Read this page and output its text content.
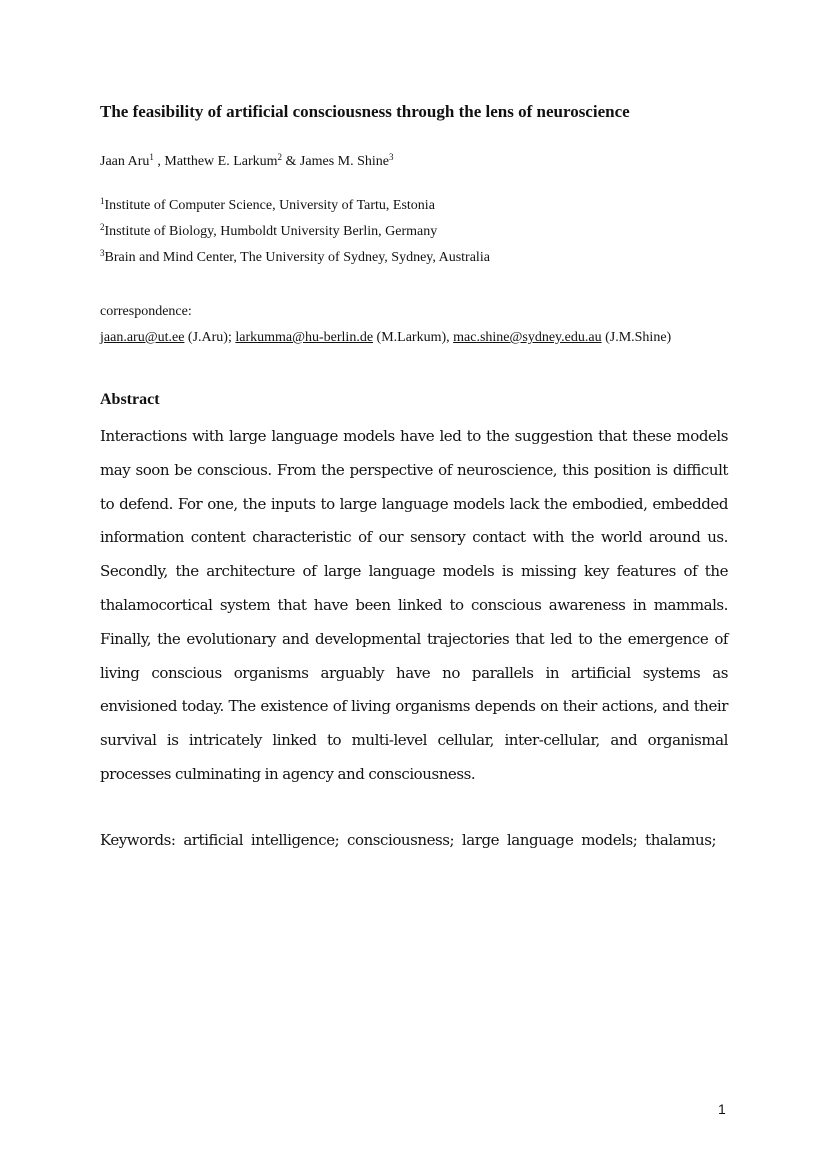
The feasibility of artificial consciousness through the lens of neuroscience
Jaan Aru$^1$ , Matthew E. Larkum$^2$ & James M. Shine$^3$
$^1$Institute of Computer Science, University of Tartu, Estonia
$^2$Institute of Biology, Humboldt University Berlin, Germany
$^3$Brain and Mind Center, The University of Sydney, Sydney, Australia
correspondence:
jaan.aru@ut.ee (J.Aru); larkumma@hu-berlin.de (M.Larkum), mac.shine@sydney.edu.au (J.M.Shine)
Abstract
Interactions with large language models have led to the suggestion that these models may soon be conscious. From the perspective of neuroscience, this position is difficult to defend. For one, the inputs to large language models lack the embodied, embedded information content characteristic of our sensory contact with the world around us. Secondly, the architecture of large language models is missing key features of the thalamocortical system that have been linked to conscious awareness in mammals. Finally, the evolutionary and developmental trajectories that led to the emergence of living conscious organisms arguably have no parallels in artificial systems as envisioned today. The existence of living organisms depends on their actions, and their survival is intricately linked to multi-level cellular, inter-cellular, and organismal processes culminating in agency and consciousness.
Keywords: artificial intelligence; consciousness; large language models; thalamus;
1
